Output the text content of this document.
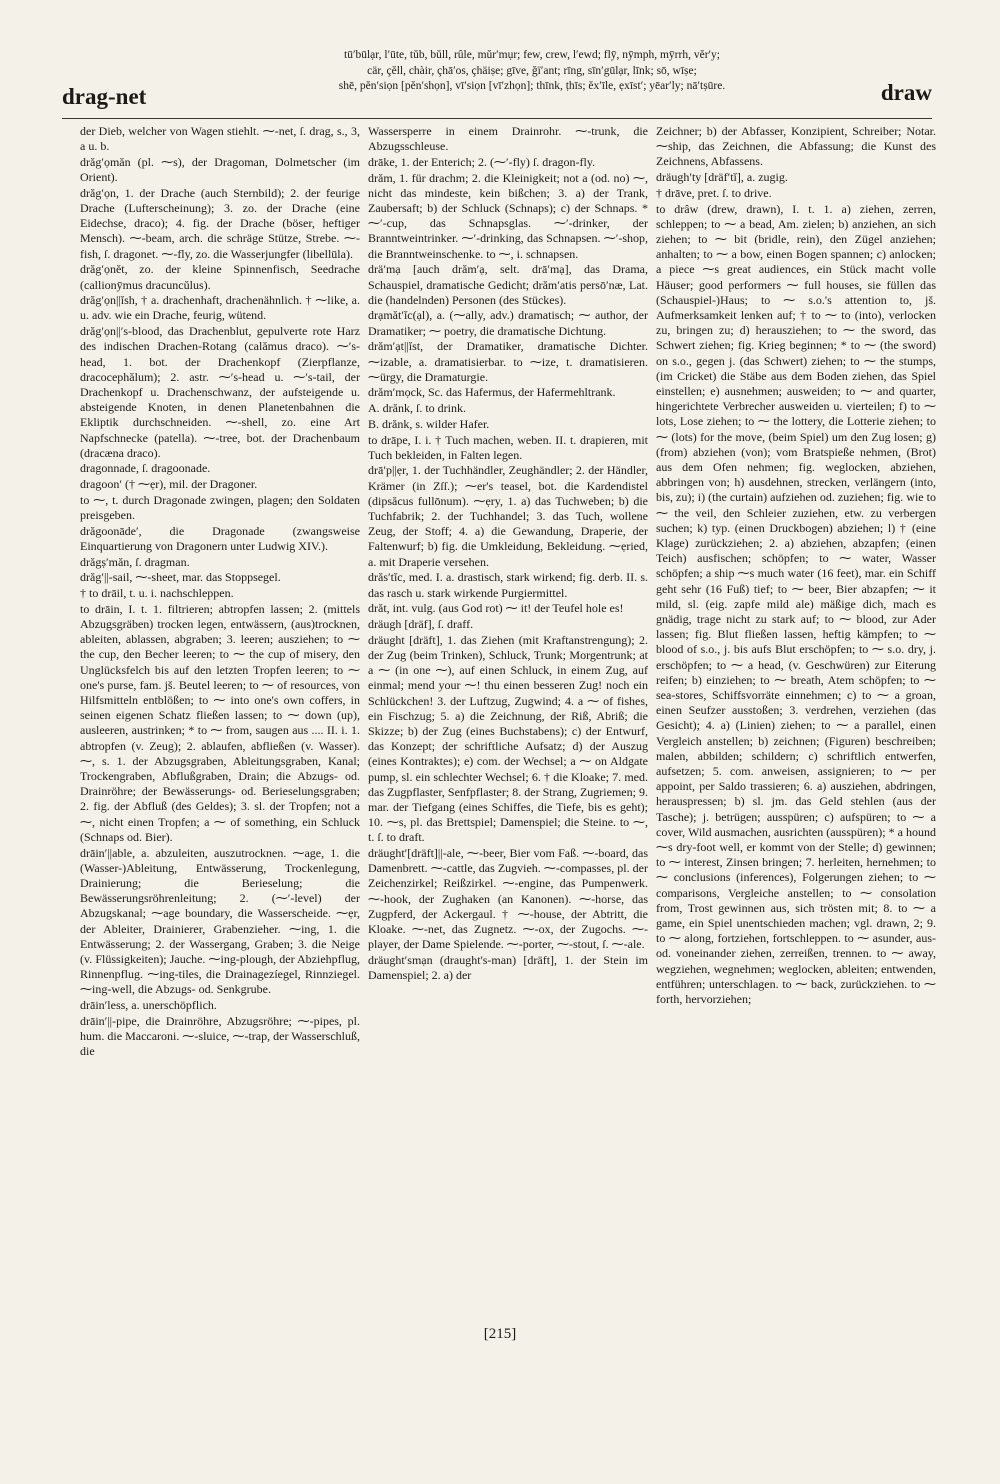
drag-net
tū′būlạr, l′ūte, tŭb, bŭll, rûle, mŭr′mụr; few, crew, l′ewd; flȳ, nȳmph, mȳrrh, vĕr′y;
cär, çĕll, chàir, çhā′os, çhäiṣe; gīve, ğï′ant; rīng, sīn′gūlạr, līnk; sō, wīṣe;
shē, pĕn′siọn [pĕn′shọn], vī′siọn [vī′zhọn]; thīnk, ṭhīs; ĕx′īle, ẹxīst′; yēar′ly; nā′tṣūre.	draw

der Dieb, welcher von Wagen stiehlt. ⁓-net, ſ. drag, s., 3, a u. b.

drăg′ọmăn (pl. ⁓s), der Dragoman, Dolmetscher (im Orient).

drăg′ọn, 1. der Drache (auch Sternbild); 2. der feurige Drache (Lufterscheinung); 3. zo. der Drache (eine Eidechse, draco); 4. fig. der Drache (böser, heftiger Mensch). ⁓-beam, arch. die schräge Stütze, Strebe. ⁓-fish, ſ. dragonet. ⁓-fly, zo. die Wasserjungfer (libellūla).

drăg′ọnĕt, zo. der kleine Spinnenfisch, Seedrache (callionȳmus dracuncŭlus).

drăg′ọn||ĭsh, † a. drachenhaft, drachenähnlich. † ⁓like, a. u. adv. wie ein Drache, feurig, wütend.

drăg′ọn||′s-blood, das Drachenblut, gepulverte rote Harz des indischen Drachen-Rotang (calămus draco). ⁓′s-head, 1. bot. der Drachenkopf (Zierpflanze, dracocephălum); 2. astr. ⁓′s-head u. ⁓′s-tail, der Drachenkopf u. Drachenschwanz, der aufsteigende u. absteigende Knoten, in denen Planetenbahnen die Ekliptik durchschneiden. ⁓-shell, zo. eine Art Napfschnecke (patella). ⁓-tree, bot. der Drachenbaum (dracæna draco).

dragonnade, ſ. dragoonade.

dragoon′ († ⁓ẹr), mil. der Dragoner.

to ⁓, t. durch Dragonade zwingen, plagen; den Soldaten preisgeben.

drăgoonāde′, die Dragonade (zwangsweise Einquartierung von Dragonern unter Ludwig XIV.).

drăgṣ′măn, ſ. dragman.

drăg′||-sail, ⁓-sheet, mar. das Stoppsegel.

† to drāil, t. u. i. nachschleppen.

to drāin, I. t. 1. filtrieren; abtropfen lassen; 2. (mittels Abzugsgräben) trocken legen, entwässern, (aus)trocknen, ableiten, ablassen, abgraben; 3. leeren; ausziehen; to ⁓ the cup, den Becher leeren; to ⁓ the cup of misery, den Unglücksfelch bis auf den letzten Tropfen leeren; to ⁓ one's purse, fam. jš. Beutel leeren; to ⁓ of resources, von Hilfsmitteln entblößen; to ⁓ into one's own coffers, in seinen eigenen Schatz fließen lassen; to ⁓ down (up), ausleeren, austrinken; * to ⁓ from, saugen aus .... II. i. 1. abtropfen (v. Zeug); 2. ablaufen, abfließen (v. Wasser). ⁓, s. 1. der Abzugsgraben, Ableitungsgraben, Kanal; Trockengraben, Abflußgraben, Drain; die Abzugs- od. Drainröhre; der Bewässerungs- od. Berieselungsgraben; 2. fig. der Abfluß (des Geldes); 3. sl. der Tropfen; not a ⁓, nicht einen Tropfen; a ⁓ of something, ein Schluck (Schnaps od. Bier).

drāin′||able, a. abzuleiten, auszutrocknen. ⁓age, 1. die (Wasser-)Ableitung, Entwässerung, Trockenlegung, Drainierung; die Berieselung; die Bewässerungsröhrenleitung; 2. (⁓′-level) der Abzugskanal; ⁓age boundary, die Wasserscheide. ⁓ẹr, der Ableiter, Drainierer, Grabenzieher. ⁓ing, 1. die Entwässerung; 2. der Wassergang, Graben; 3. die Neige (v. Flüssigkeiten); Jauche. ⁓ing-plough, der Abziehpflug, Rinnenpflug. ⁓ing-tiles, die Drainagezíegel, Rinnziegel. ⁓ing-well, die Abzugs- od. Senkgrube.

drāin′less, a. unerschöpflich.

drāin′||-pipe, die Drainröhre, Abzugsröhre; ⁓-pipes, pl. hum. die Maccaroni. ⁓-sluice, ⁓-trap, der Wasserschluß, die

Wassersperre in einem Drainrohr. ⁓-trunk, die Abzugsschleuse.

drāke, 1. der Enterich; 2. (⁓′-fly) ſ. dragon-fly.

drăm, 1. für drachm; 2. die Kleinigkeit; not a (od. no) ⁓, nicht das mindeste, kein bißchen; 3. a) der Trank, Zaubersaft; b) der Schluck (Schnaps); c) der Schnaps. * ⁓′-cup, das Schnapsglas. ⁓′-drinker, der Branntweintrinker. ⁓′-drinking, das Schnapsen. ⁓′-shop, die Branntweinschenke. to ⁓, i. schnapsen.

drä′mạ [auch drăm′ạ, selt. drā′mạ], das Drama, Schauspiel, dramatische Gedicht; drăm′atis persō′næ, Lat. die (handelnden) Personen (des Stückes).

drạmăt′ĭc(ạl), a. (⁓ally, adv.) dramatisch; ⁓ author, der Dramatiker; ⁓ poetry, die dramatische Dichtung.

drăm′ạt||ĭst, der Dramatiker, dramatische Dichter. ⁓izable, a. dramatisierbar. to ⁓ize, t. dramatisieren. ⁓ürgy, die Dramaturgie.

drăm′mọck, Sc. das Hafermus, der Hafermehltrank.

A. drănk, ſ. to drink.

B. drănk, s. wilder Hafer.

to drāpe, I. i. † Tuch machen, weben. II. t. drapieren, mit Tuch bekleiden, in Falten legen.

drā′p||ẹr, 1. der Tuchhändler, Zeughändler; 2. der Händler, Krämer (in Zſſ.); ⁓er's teasel, bot. die Kardendistel (dipsăcus fullōnum). ⁓ẹry, 1. a) das Tuchweben; b) die Tuchfabrik; 2. der Tuchhandel; 3. das Tuch, wollene Zeug, der Stoff; 4. a) die Gewandung, Draperie, der Faltenwurf; b) fig. die Umkleidung, Bekleidung. ⁓ẹried, a. mit Draperie versehen.

drăs′tĭc, med. I. a. drastisch, stark wirkend; fig. derb. II. s. das rasch u. stark wirkende Purgiermittel.

drăt, int. vulg. (aus God rot) ⁓ it! der Teufel hole es!

dräugh [dräf], ſ. draff.

dräught [dräft], 1. das Ziehen (mit Kraftanstrengung); 2. der Zug (beim Trinken), Schluck, Trunk; Morgentrunk; at a ⁓ (in one ⁓), auf einen Schluck, in einem Zug, auf einmal; mend your ⁓! thu einen besseren Zug! noch ein Schlückchen! 3. der Luftzug, Zugwind; 4. a ⁓ of fishes, ein Fischzug; 5. a) die Zeichnung, der Riß, Abriß; die Skizze; b) der Zug (eines Buchstabens); c) der Entwurf, das Konzept; der schriftliche Aufsatz; d) der Auszug (eines Kontraktes); e) com. der Wechsel; a ⁓ on Aldgate pump, sl. ein schlechter Wechsel; 6. † die Kloake; 7. med. das Zugpflaster, Senfpflaster; 8. der Strang, Zugriemen; 9. mar. der Tiefgang (eines Schiffes, die Tiefe, bis es geht); 10. ⁓s, pl. das Brettspiel; Damenspiel; die Steine. to ⁓, t. ſ. to draft.

dräught′[dräft]||-ale, ⁓-beer, Bier vom Faß. ⁓-board, das Damenbrett. ⁓-cattle, das Zugvieh. ⁓-compasses, pl. der Zeichenzirkel; Reißzirkel. ⁓-engine, das Pumpenwerk. ⁓-hook, der Zughaken (an Kanonen). ⁓-horse, das Zugpferd, der Ackergaul. † ⁓-house, der Abtritt, die Kloake. ⁓-net, das Zugnetz. ⁓-ox, der Zugochs. ⁓-player, der Dame Spielende. ⁓-porter, ⁓-stout, ſ. ⁓-ale.

dräught′smạn (draught's-man) [dräft], 1. der Stein im Damenspiel; 2. a) der

Zeichner; b) der Abfasser, Konzipient, Schreiber; Notar. ⁓ship, das Zeichnen, die Abfassung; die Kunst des Zeichnens, Abfassens.

dräugh′ty [dräf′tĭ], a. zugig.

† drāve, pret. ſ. to drive.

to drâw (drew, drawn), I. t. 1. a) ziehen, zerren, schleppen; to ⁓ a bead, Am. zielen; b) anziehen, an sich ziehen; to ⁓ bit (bridle, rein), den Zügel anziehen; anhalten; to ⁓ a bow, einen Bogen spannen; c) anlocken; a piece ⁓s great audiences, ein Stück macht volle Häuser; good performers ⁓ full houses, sie füllen das (Schauspiel-)Haus; to ⁓ s.o.'s attention to, jš. Aufmerksamkeit lenken auf; † to ⁓ to (into), verlocken zu, bringen zu; d) herausziehen; to ⁓ the sword, das Schwert ziehen; fig. Krieg beginnen; * to ⁓ (the sword) on s.o., gegen j. (das Schwert) ziehen; to ⁓ the stumps, (im Cricket) die Stäbe aus dem Boden ziehen, das Spiel einstellen; e) ausnehmen; ausweiden; to ⁓ and quarter, hingerichtete Verbrecher ausweiden u. vierteilen; f) to ⁓ lots, Lose ziehen; to ⁓ the lottery, die Lotterie ziehen; to ⁓ (lots) for the move, (beim Spiel) um den Zug losen; g) (from) abziehen (von); vom Bratspieße nehmen, (Brot) aus dem Ofen nehmen; fig. weglocken, abziehen, abbringen von; h) ausdehnen, strecken, verlängern (into, bis, zu); i) (the curtain) aufziehen od. zuziehen; fig. wie to ⁓ the veil, den Schleier zuziehen, etw. zu verbergen suchen; k) typ. (einen Druckbogen) abziehen; l) † (eine Klage) zurückziehen; 2. a) abziehen, abzapfen; (einen Teich) ausfischen; schöpfen; to ⁓ water, Wasser schöpfen; a ship ⁓s much water (16 feet), mar. ein Schiff geht sehr (16 Fuß) tief; to ⁓ beer, Bier abzapfen; ⁓ it mild, sl. (eig. zapfe mild ale) mäßige dich, mach es gnädig, trage nicht zu stark auf; to ⁓ blood, zur Ader lassen; fig. Blut fließen lassen, heftig kämpfen; to ⁓ blood of s.o., j. bis aufs Blut erschöpfen; to ⁓ s.o. dry, j. erschöpfen; to ⁓ a head, (v. Geschwüren) zur Eiterung reifen; b) einziehen; to ⁓ breath, Atem schöpfen; to ⁓ sea-stores, Schiffsvorräte einnehmen; c) to ⁓ a groan, einen Seufzer ausstoßen; 3. verdrehen, verziehen (das Gesicht); 4. a) (Linien) ziehen; to ⁓ a parallel, einen Vergleich anstellen; b) zeichnen; (Figuren) beschreiben; malen, abbilden; schildern; c) schriftlich entwerfen, aufsetzen; 5. com. anweisen, assignieren; to ⁓ per appoint, per Saldo trassieren; 6. a) ausziehen, abdringen, herauspressen; b) sl. jm. das Geld stehlen (aus der Tasche); j. betrügen; ausspüren; c) aufspüren; to ⁓ a cover, Wild ausmachen, ausrichten (ausspüren); * a hound ⁓s dry-foot well, er kommt von der Stelle; d) gewinnen; to ⁓ interest, Zinsen bringen; 7. herleiten, hernehmen; to ⁓ conclusions (inferences), Folgerungen ziehen; to ⁓ comparisons, Vergleiche anstellen; to ⁓ consolation from, Trost gewinnen aus, sich trösten mit; 8. to ⁓ a game, ein Spiel unentschieden machen; vgl. drawn, 2; 9. to ⁓ along, fortziehen, fortschleppen. to ⁓ asunder, aus- od. voneinander ziehen, zerreißen, trennen. to ⁓ away, wegziehen, wegnehmen; weglocken, ableiten; entwenden, entführen; unterschlagen. to ⁓ back, zurückziehen. to ⁓ forth, hervorziehen;

[215]
